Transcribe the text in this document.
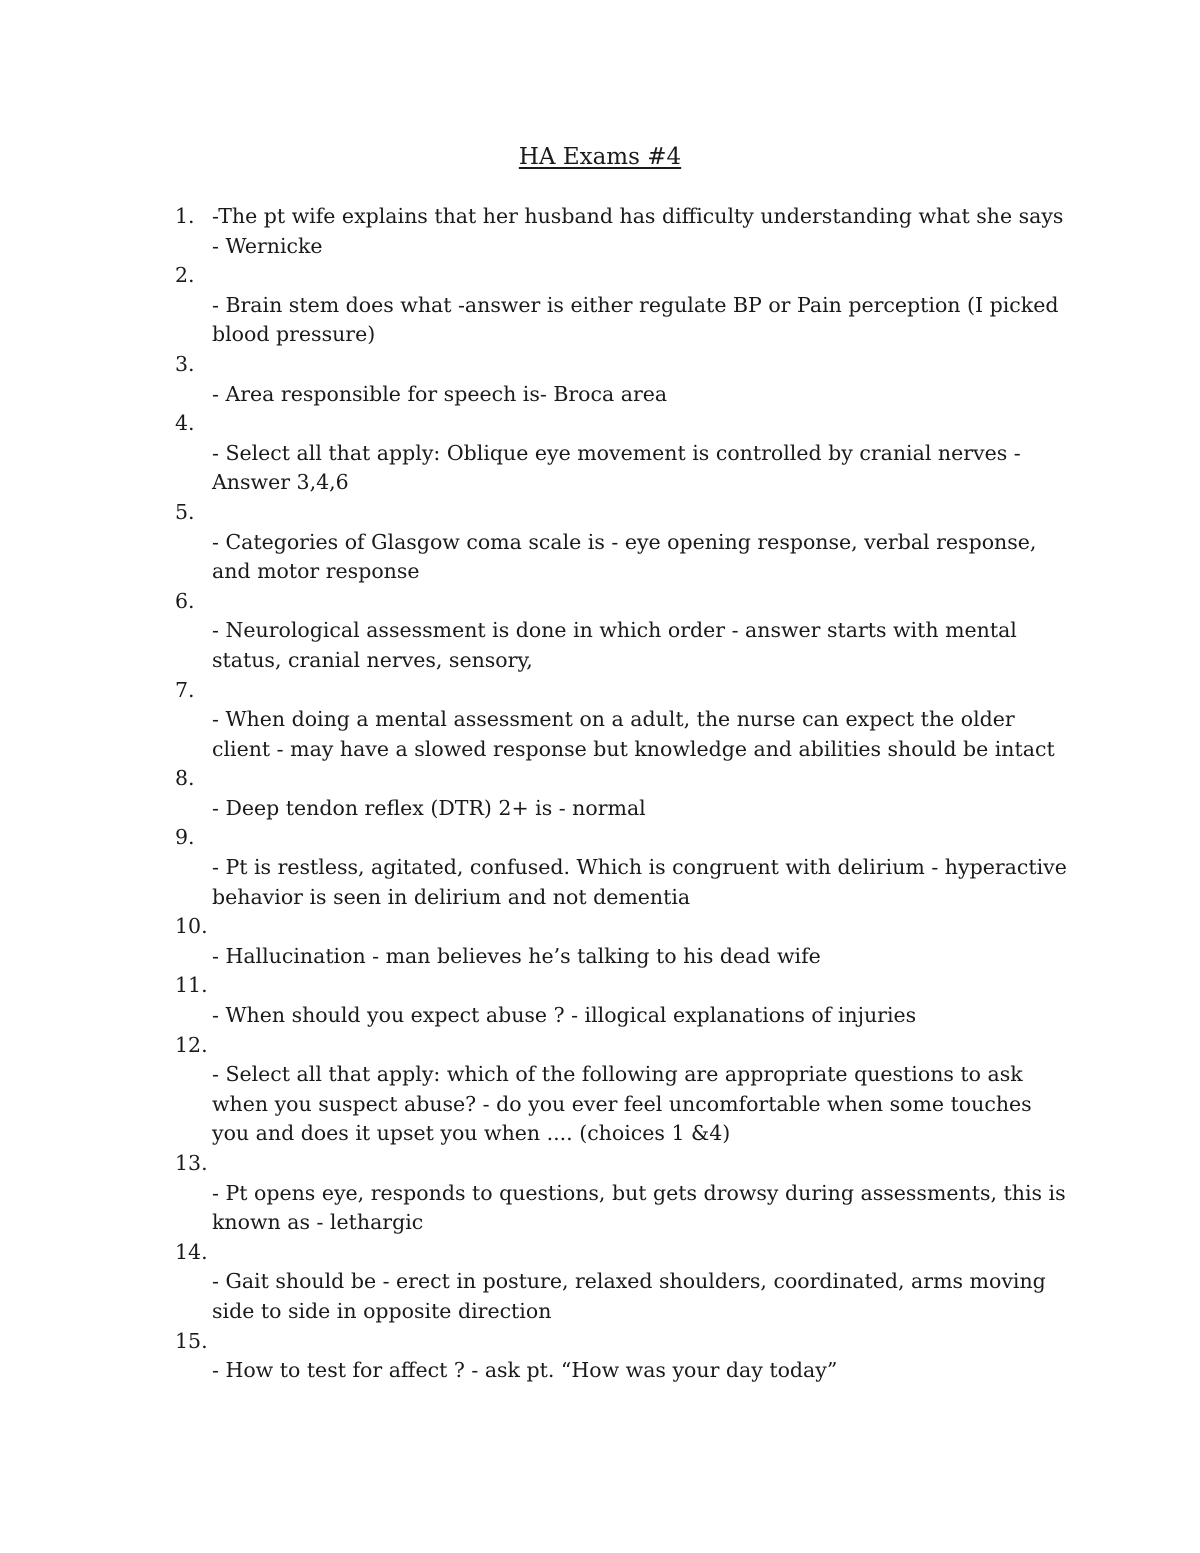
HA Exams #4
1. -The pt wife explains that her husband has difficulty understanding what she says - Wernicke
2.

- Brain stem does what -answer is either regulate BP or Pain perception (I picked blood pressure)
3.

- Area responsible for speech is- Broca area
4.

- Select all that apply: Oblique eye movement is controlled by cranial nerves - Answer 3,4,6
5.

- Categories of Glasgow coma scale is - eye opening response, verbal response, and motor response
6.

- Neurological assessment is done in which order - answer starts with mental status, cranial nerves, sensory,
7.

- When doing a mental assessment on a adult, the nurse can expect the older client - may have a slowed response but knowledge and abilities should be intact
8.

- Deep tendon reflex (DTR) 2+ is - normal
9.

- Pt is restless, agitated, confused. Which is congruent with delirium - hyperactive behavior is seen in delirium and not dementia
10.

- Hallucination - man believes he’s talking to his dead wife
11.

- When should you expect abuse ? - illogical explanations of injuries
12.

- Select all that apply: which of the following are appropriate questions to ask when you suspect abuse? - do you ever feel uncomfortable when some touches you and does it upset you when .... (choices 1 &4)
13.

- Pt opens eye, responds to questions, but gets drowsy during assessments, this is known as - lethargic
14.

- Gait should be - erect in posture, relaxed shoulders, coordinated, arms moving side to side in opposite direction
15.

- How to test for affect ? - ask pt. “How was your day today”
